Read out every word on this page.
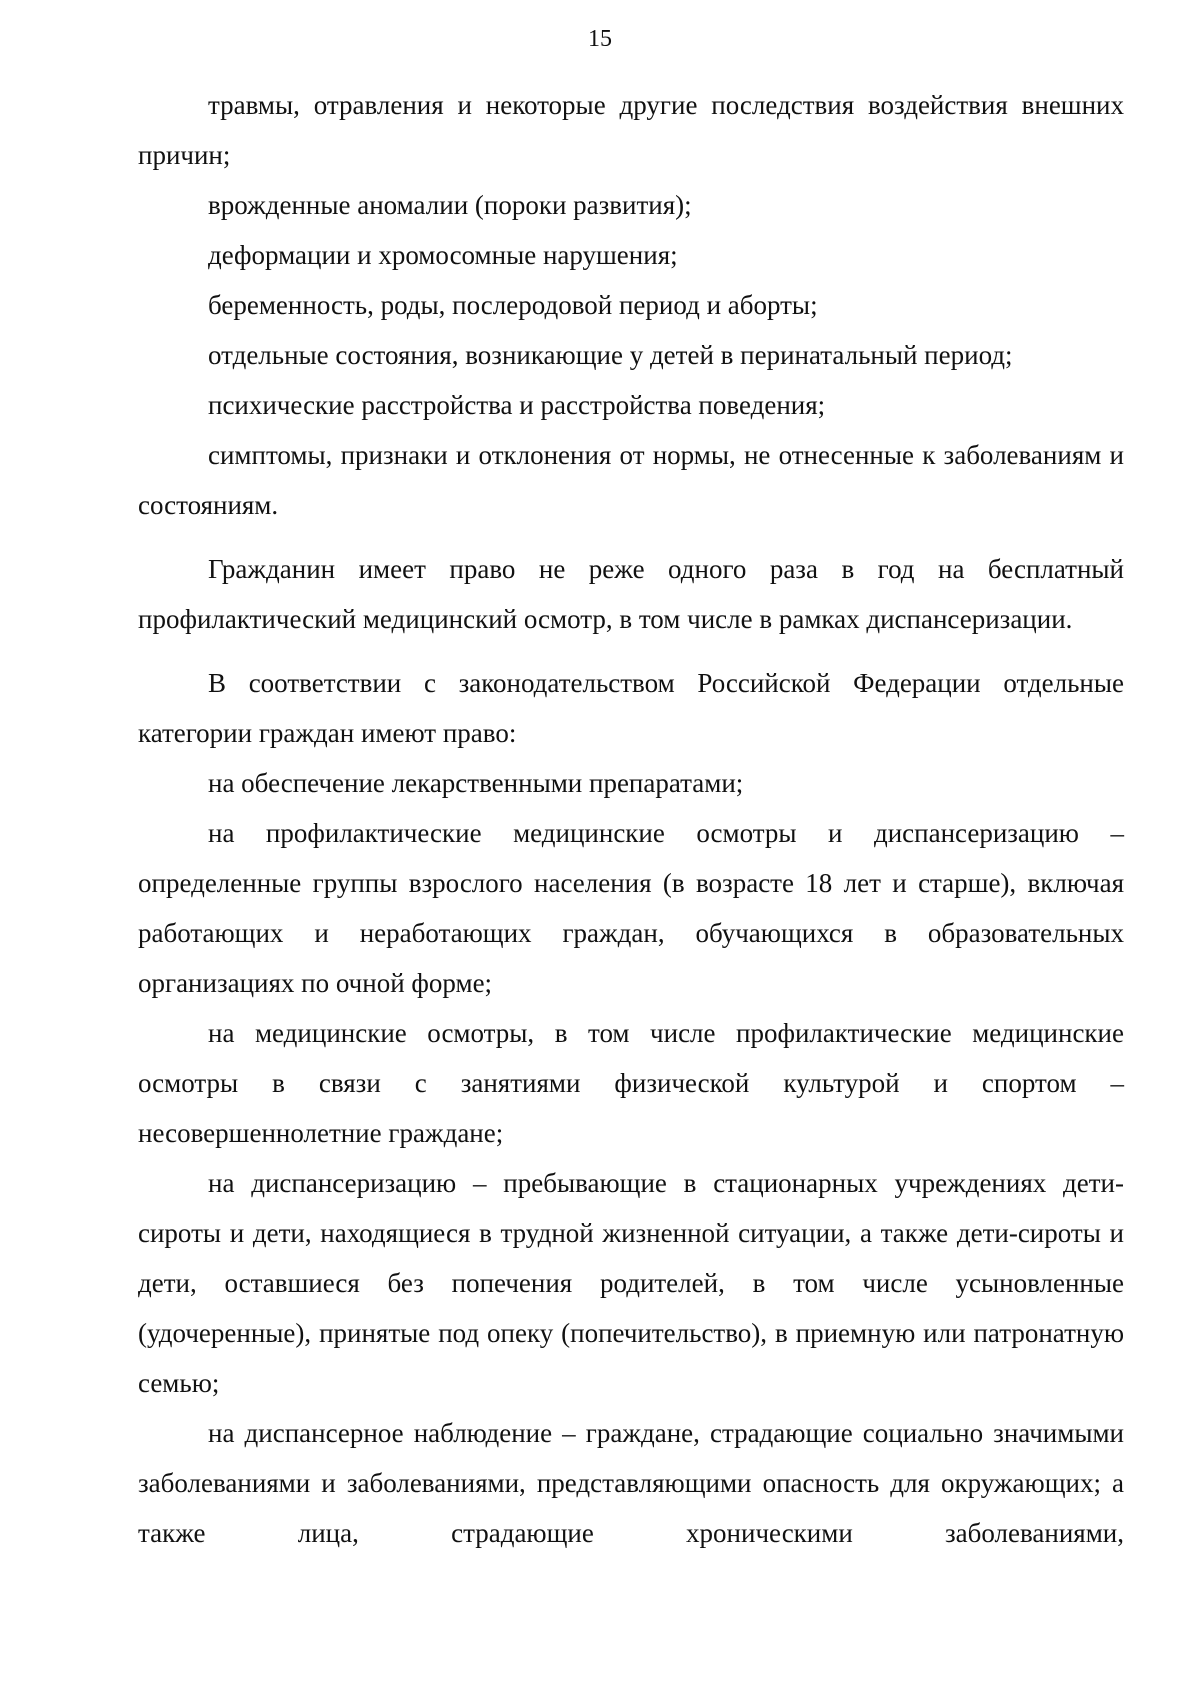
15

травмы, отравления и некоторые другие последствия воздействия внешних причин;

врожденные аномалии (пороки развития);

деформации и хромосомные нарушения;

беременность, роды, послеродовой период и аборты;

отдельные состояния, возникающие у детей в перинатальный период;

психические расстройства и расстройства поведения;

симптомы, признаки и отклонения от нормы, не отнесенные к заболеваниям и состояниям.

Гражданин имеет право не реже одного раза в год на бесплатный профилактический медицинский осмотр, в том числе в рамках диспансеризации.

В соответствии с законодательством Российской Федерации отдельные категории граждан имеют право:

на обеспечение лекарственными препаратами;

на профилактические медицинские осмотры и диспансеризацию – определенные группы взрослого населения (в возрасте 18 лет и старше), включая работающих и неработающих граждан, обучающихся в образовательных организациях по очной форме;

на медицинские осмотры, в том числе профилактические медицинские осмотры в связи с занятиями физической культурой и спортом – несовершеннолетние граждане;

на диспансеризацию – пребывающие в стационарных учреждениях дети-сироты и дети, находящиеся в трудной жизненной ситуации, а также дети-сироты и дети, оставшиеся без попечения родителей, в том числе усыновленные (удочеренные), принятые под опеку (попечительство), в приемную или патронатную семью;

на диспансерное наблюдение – граждане, страдающие социально значимыми заболеваниями и заболеваниями, представляющими опасность для окружающих; а также лица, страдающие хроническими заболеваниями,
